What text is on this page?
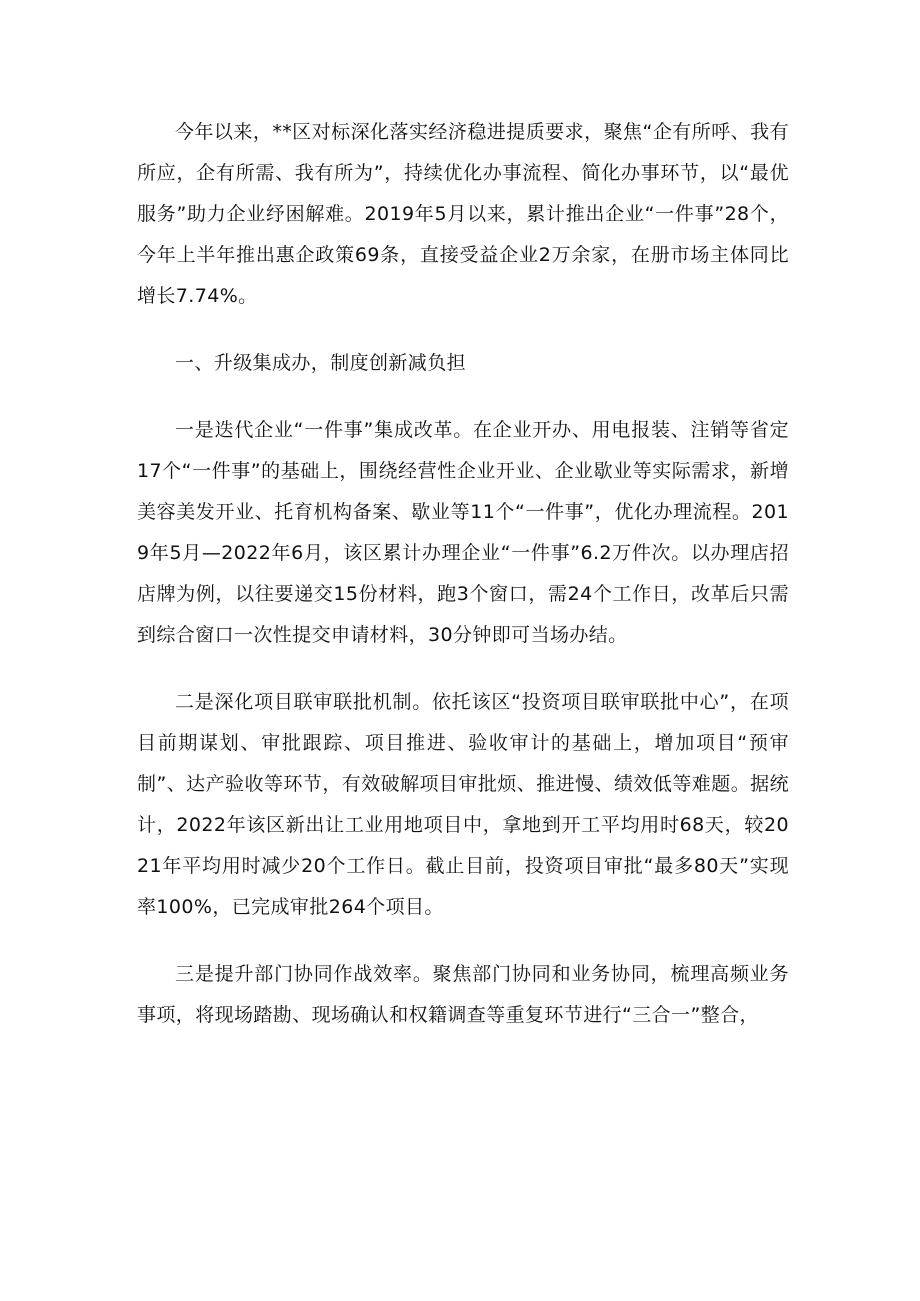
今年以来，**区对标深化落实经济稳进提质要求，聚焦“企有所呼、我有所应，企有所需、我有所为”，持续优化办事流程、简化办事环节，以“最优服务”助力企业纾困解难。2019年5月以来，累计推出企业“一件事”28个，今年上半年推出惠企政策69条，直接受益企业2万余家，在册市场主体同比增长7.74%。

一、升级集成办，制度创新减负担

一是迭代企业“一件事”集成改革。在企业开办、用电报装、注销等省定17个“一件事”的基础上，围绕经营性企业开业、企业歇业等实际需求，新增美容美发开业、托育机构备案、歇业等11个“一件事”，优化办理流程。2019年5月—2022年6月，该区累计办理企业“一件事”6.2万件次。以办理店招店牌为例，以往要递交15份材料，跑3个窗口，需24个工作日，改革后只需到综合窗口一次性提交申请材料，30分钟即可当场办结。

二是深化项目联审联批机制。依托该区“投资项目联审联批中心”，在项目前期谋划、审批跟踪、项目推进、验收审计的基础上，增加项目“预审制”、达产验收等环节，有效破解项目审批烦、推进慢、绩效低等难题。据统计，2022年该区新出让工业用地项目中，拿地到开工平均用时68天，较2021年平均用时减少20个工作日。截止目前，投资项目审批“最多80天”实现率100%，已完成审批264个项目。

三是提升部门协同作战效率。聚焦部门协同和业务协同，梳理高频业务事项，将现场踏勘、现场确认和权籍调查等重复环节进行“三合一”整合，
